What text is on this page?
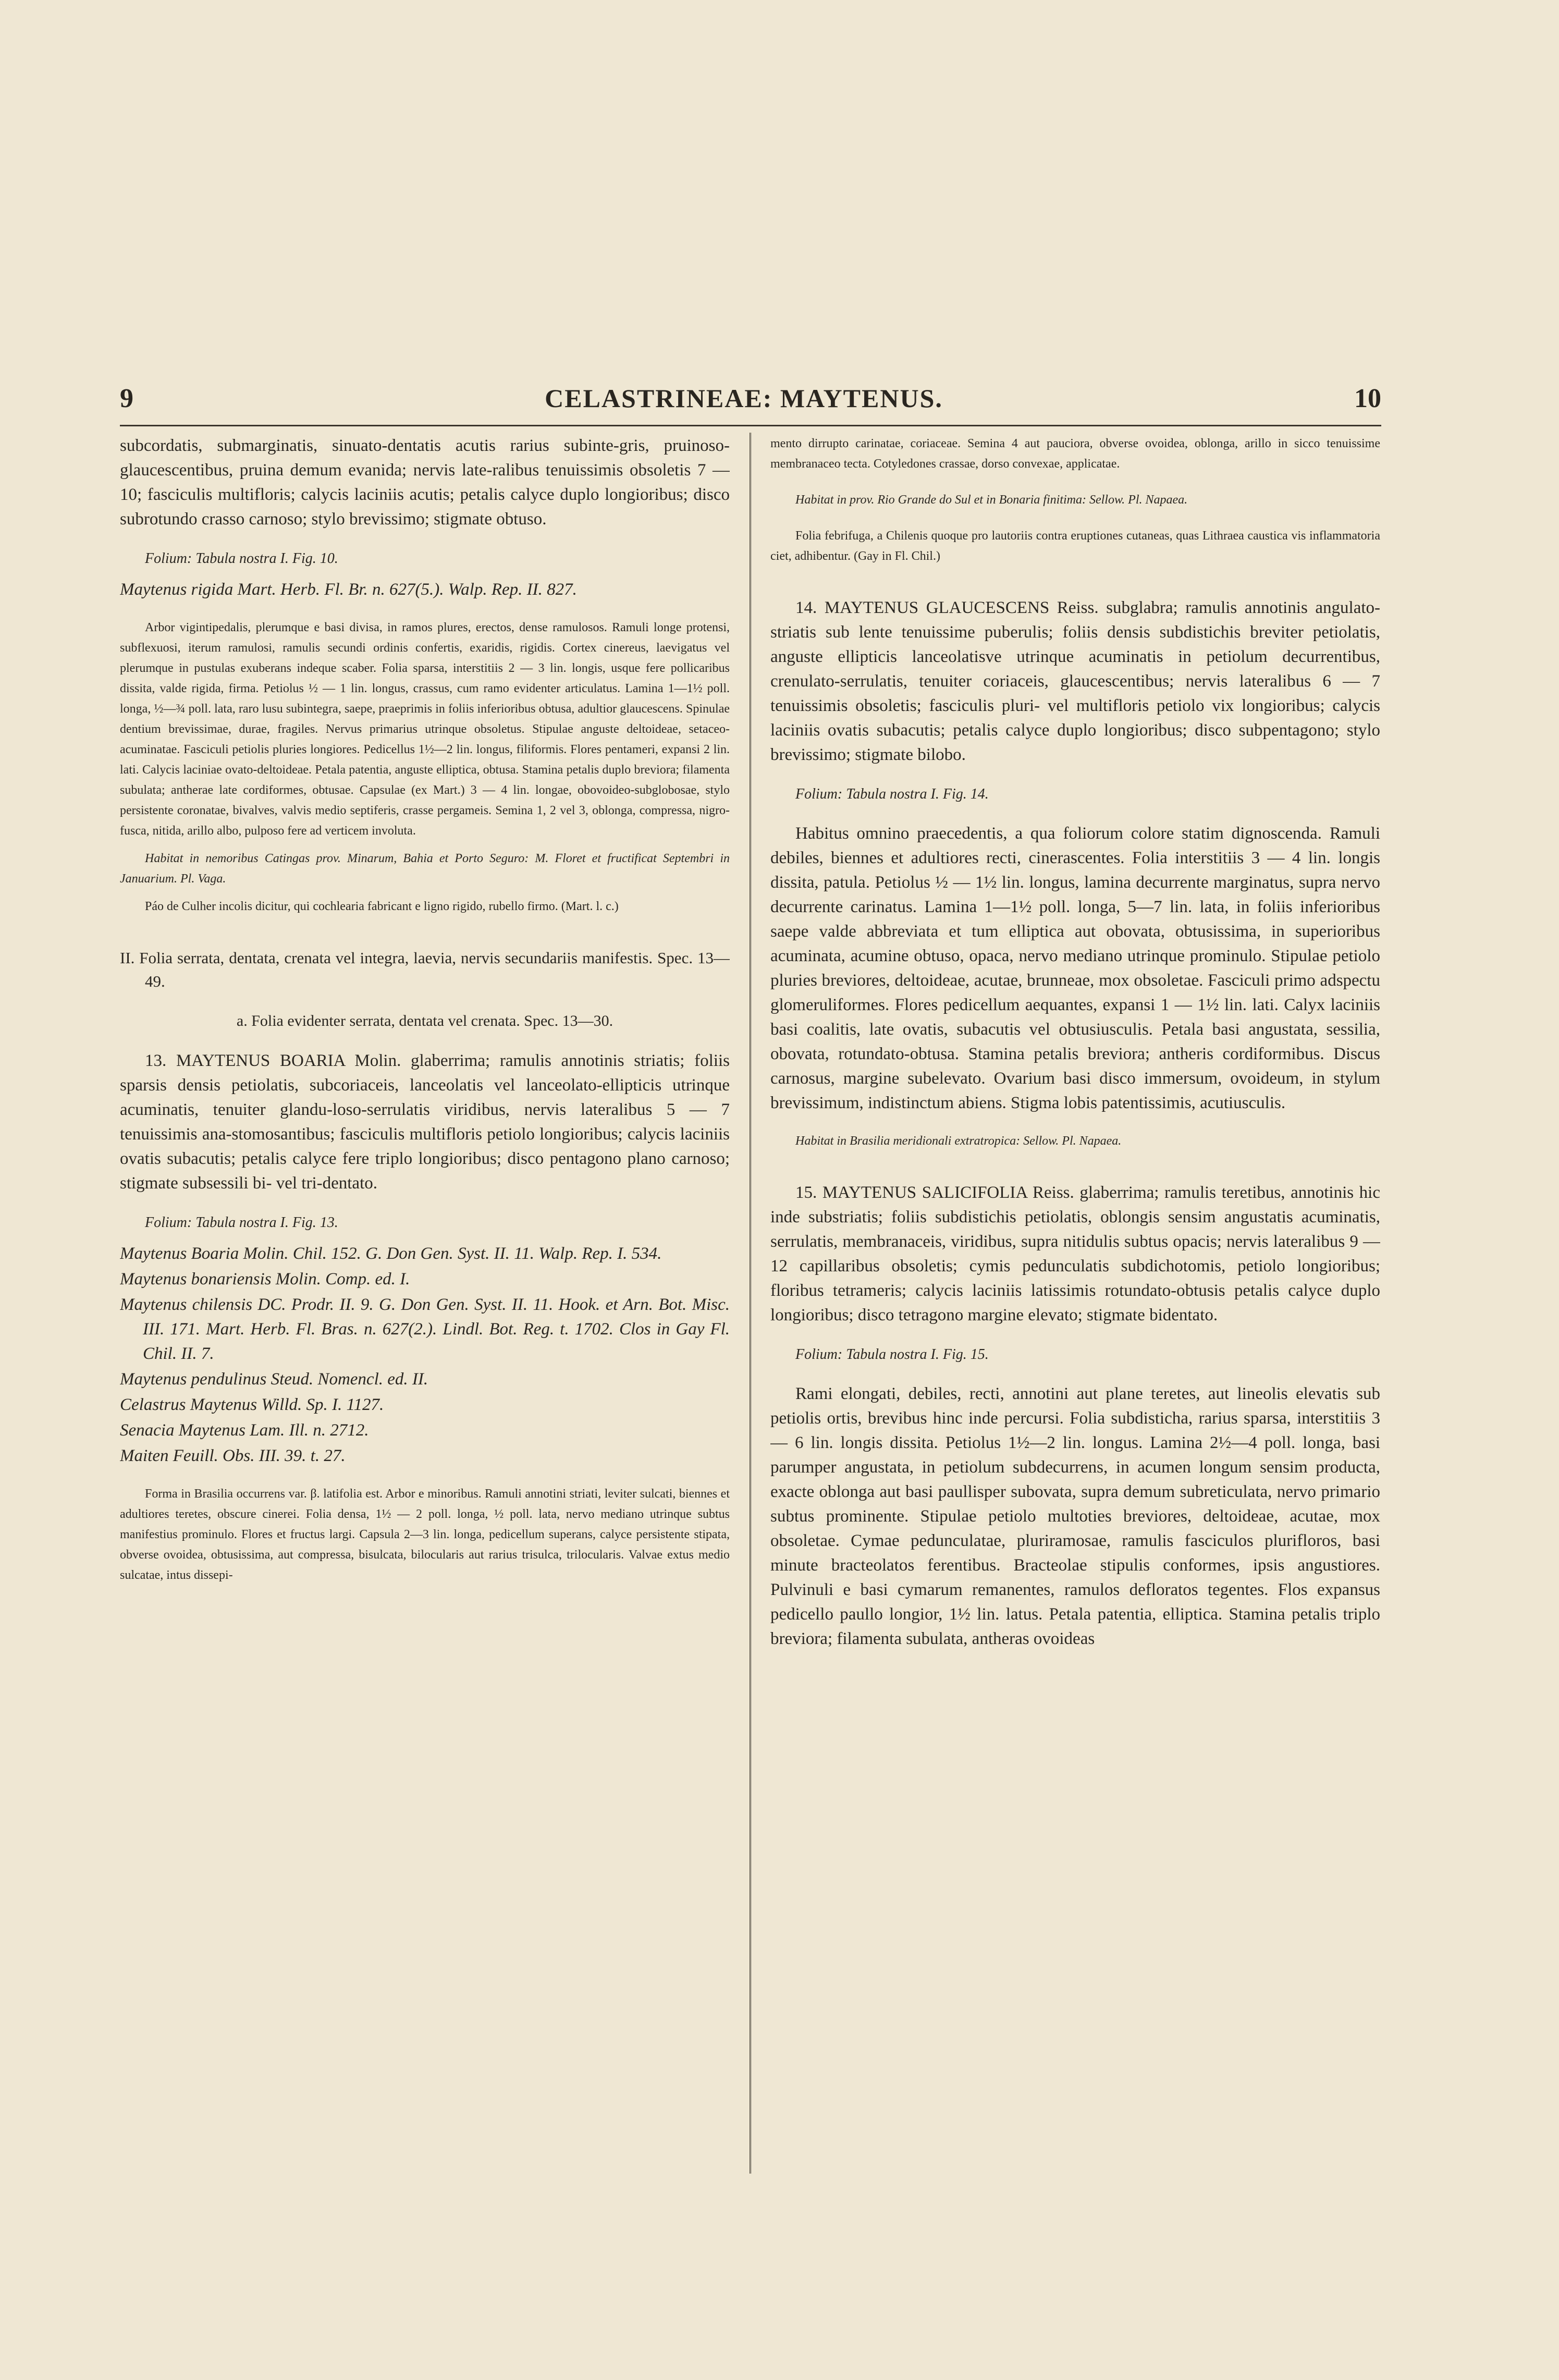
9	CELASTRINEAE: MAYTENUS.	10

subcordatis, submarginatis, sinuato-dentatis acutis rarius subinte-gris, pruinoso-glaucescentibus, pruina demum evanida; nervis late-ralibus tenuissimis obsoletis 7 — 10; fasciculis multifloris; calycis laciniis acutis; petalis calyce duplo longioribus; disco subrotundo crasso carnoso; stylo brevissimo; stigmate obtuso.

Folium: Tabula nostra I. Fig. 10.

Maytenus rigida Mart. Herb. Fl. Br. n. 627(5.). Walp. Rep. II. 827.

Arbor vigintipedalis, plerumque e basi divisa, in ramos plures, erectos, dense ramulosos. Ramuli longe protensi, subflexuosi, iterum ramulosi, ramulis secundi ordinis confertis, exaridis, rigidis. Cortex cinereus, laevigatus vel plerumque in pustulas exuberans indeque scaber. Folia sparsa, interstitiis 2 — 3 lin. longis, usque fere pollicaribus dissita, valde rigida, firma. Petiolus ½ — 1 lin. longus, crassus, cum ramo evidenter articulatus. Lamina 1—1½ poll. longa, ½—¾ poll. lata, raro lusu subintegra, saepe, praeprimis in foliis inferioribus obtusa, adultior glaucescens. Spinulae dentium brevissimae, durae, fragiles. Nervus primarius utrinque obsoletus. Stipulae anguste deltoideae, setaceo-acuminatae. Fasciculi petiolis pluries longiores. Pedicellus 1½—2 lin. longus, filiformis. Flores pentameri, expansi 2 lin. lati. Calycis laciniae ovato-deltoideae. Petala patentia, anguste elliptica, obtusa. Stamina petalis duplo breviora; filamenta subulata; antherae late cordiformes, obtusae. Capsulae (ex Mart.) 3 — 4 lin. longae, obovoideo-subglobosae, stylo persistente coronatae, bivalves, valvis medio septiferis, crasse pergameis. Semina 1, 2 vel 3, oblonga, compressa, nigro-fusca, nitida, arillo albo, pulposo fere ad verticem involuta.

Habitat in nemoribus Catingas prov. Minarum, Bahia et Porto Seguro: M. Floret et fructificat Septembri in Januarium. Pl. Vaga.

Páo de Culher incolis dicitur, qui cochlearia fabricant e ligno rigido, rubello firmo. (Mart. l. c.)

II. Folia serrata, dentata, crenata vel integra, laevia, nervis secundariis manifestis. Spec. 13—49.

a. Folia evidenter serrata, dentata vel crenata. Spec. 13—30.

13. MAYTENUS BOARIA Molin. glaberrima; ramulis annotinis striatis; foliis sparsis densis petiolatis, subcoriaceis, lanceolatis vel lanceolato-ellipticis utrinque acuminatis, tenuiter glandu-loso-serrulatis viridibus, nervis lateralibus 5 — 7 tenuissimis ana-stomosantibus; fasciculis multifloris petiolo longioribus; calycis laciniis ovatis subacutis; petalis calyce fere triplo longioribus; disco pentagono plano carnoso; stigmate subsessili bi- vel tri-dentato.

Folium: Tabula nostra I. Fig. 13.

Maytenus Boaria Molin. Chil. 152. G. Don Gen. Syst. II. 11. Walp. Rep. I. 534.

Maytenus bonariensis Molin. Comp. ed. I.

Maytenus chilensis DC. Prodr. II. 9. G. Don Gen. Syst. II. 11. Hook. et Arn. Bot. Misc. III. 171. Mart. Herb. Fl. Bras. n. 627(2.). Lindl. Bot. Reg. t. 1702. Clos in Gay Fl. Chil. II. 7.

Maytenus pendulinus Steud. Nomencl. ed. II.

Celastrus Maytenus Willd. Sp. I. 1127.

Senacia Maytenus Lam. Ill. n. 2712.

Maiten Feuill. Obs. III. 39. t. 27.

Forma in Brasilia occurrens var. β. latifolia est. Arbor e minoribus. Ramuli annotini striati, leviter sulcati, biennes et adultiores teretes, obscure cinerei. Folia densa, 1½ — 2 poll. longa, ½ poll. lata, nervo mediano utrinque subtus manifestius prominulo. Flores et fructus largi. Capsula 2—3 lin. longa, pedicellum superans, calyce persistente stipata, obverse ovoidea, obtusissima, aut compressa, bisulcata, bilocularis aut rarius trisulca, trilocularis. Valvae extus medio sulcatae, intus dissepi-

mento dirrupto carinatae, coriaceae. Semina 4 aut pauciora, obverse ovoidea, oblonga, arillo in sicco tenuissime membranaceo tecta. Cotyledones crassae, dorso convexae, applicatae.

Habitat in prov. Rio Grande do Sul et in Bonaria finitima: Sellow. Pl. Napaea.

Folia febrifuga, a Chilenis quoque pro lautoriis contra eruptiones cutaneas, quas Lithraea caustica vis inflammatoria ciet, adhibentur. (Gay in Fl. Chil.)

14. MAYTENUS GLAUCESCENS Reiss. subglabra; ramulis annotinis angulato-striatis sub lente tenuissime puberulis; foliis densis subdistichis breviter petiolatis, anguste ellipticis lanceolatisve utrinque acuminatis in petiolum decurrentibus, crenulato-serrulatis, tenuiter coriaceis, glaucescentibus; nervis lateralibus 6 — 7 tenuissimis obsoletis; fasciculis pluri- vel multifloris petiolo vix longioribus; calycis laciniis ovatis subacutis; petalis calyce duplo longioribus; disco subpentagono; stylo brevissimo; stigmate bilobo.

Folium: Tabula nostra I. Fig. 14.

Habitus omnino praecedentis, a qua foliorum colore statim dignoscenda. Ramuli debiles, biennes et adultiores recti, cinerascentes. Folia interstitiis 3 — 4 lin. longis dissita, patula. Petiolus ½ — 1½ lin. longus, lamina decurrente marginatus, supra nervo decurrente carinatus. Lamina 1—1½ poll. longa, 5—7 lin. lata, in foliis inferioribus saepe valde abbreviata et tum elliptica aut obovata, obtusissima, in superioribus acuminata, acumine obtuso, opaca, nervo mediano utrinque prominulo. Stipulae petiolo pluries breviores, deltoideae, acutae, brunneae, mox obsoletae. Fasciculi primo adspectu glomeruliformes. Flores pedicellum aequantes, expansi 1 — 1½ lin. lati. Calyx laciniis basi coalitis, late ovatis, subacutis vel obtusiusculis. Petala basi angustata, sessilia, obovata, rotundato-obtusa. Stamina petalis breviora; antheris cordiformibus. Discus carnosus, margine subelevato. Ovarium basi disco immersum, ovoideum, in stylum brevissimum, indistinctum abiens. Stigma lobis patentissimis, acutiusculis.

Habitat in Brasilia meridionali extratropica: Sellow. Pl. Napaea.

15. MAYTENUS SALICIFOLIA Reiss. glaberrima; ramulis teretibus, annotinis hic inde substriatis; foliis subdistichis petiolatis, oblongis sensim angustatis acuminatis, serrulatis, membranaceis, viridibus, supra nitidulis subtus opacis; nervis lateralibus 9 — 12 capillaribus obsoletis; cymis pedunculatis subdichotomis, petiolo longioribus; floribus tetrameris; calycis laciniis latissimis rotundato-obtusis petalis calyce duplo longioribus; disco tetragono margine elevato; stigmate bidentato.

Folium: Tabula nostra I. Fig. 15.

Rami elongati, debiles, recti, annotini aut plane teretes, aut lineolis elevatis sub petiolis ortis, brevibus hinc inde percursi. Folia subdisticha, rarius sparsa, interstitiis 3 — 6 lin. longis dissita. Petiolus 1½—2 lin. longus. Lamina 2½—4 poll. longa, basi parumper angustata, in petiolum subdecurrens, in acumen longum sensim producta, exacte oblonga aut basi paullisper subovata, supra demum subreticulata, nervo primario subtus prominente. Stipulae petiolo multoties breviores, deltoideae, acutae, mox obsoletae. Cymae pedunculatae, pluriramosae, ramulis fasciculos plurifloros, basi minute bracteolatos ferentibus. Bracteolae stipulis conformes, ipsis angustiores. Pulvinuli e basi cymarum remanentes, ramulos defloratos tegentes. Flos expansus pedicello paullo longior, 1½ lin. latus. Petala patentia, elliptica. Stamina petalis triplo breviora; filamenta subulata, antheras ovoideas
